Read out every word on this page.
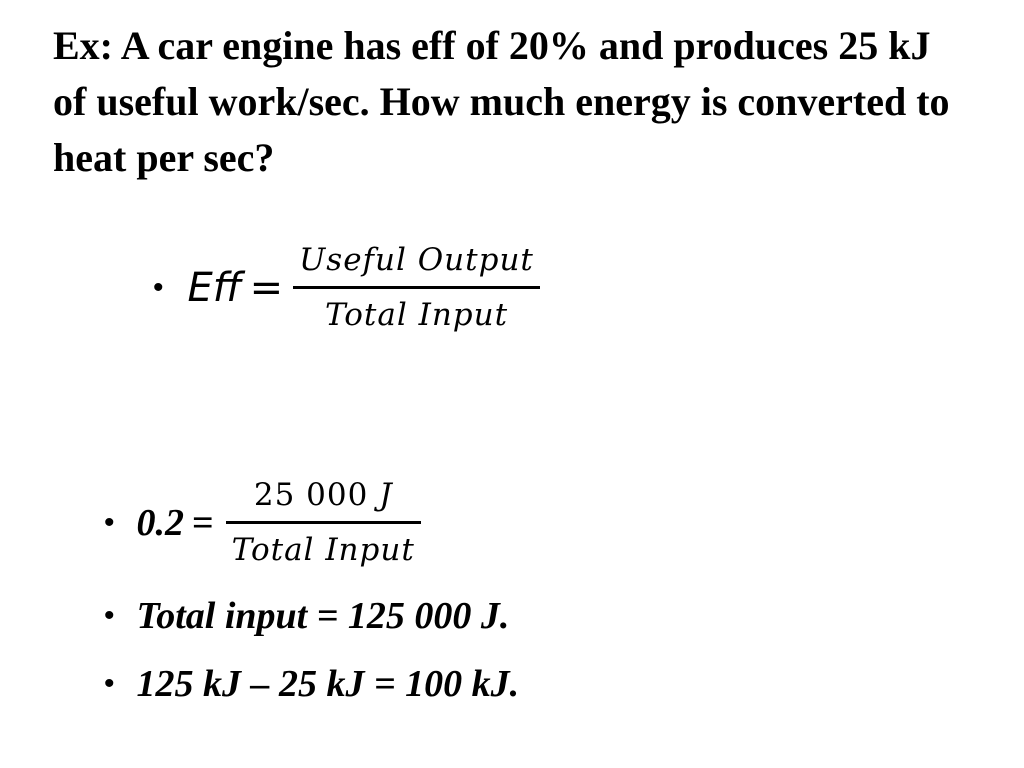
Ex: A car engine has eff of 20% and produces 25 kJ of useful work/sec. How much energy is converted to heat per sec?

• Eff = $\frac{\text{Useful Output}}{\text{Total Input}}$
• $0.2 = \frac{25 000 J}{\text{Total Input}}$
• Total input = 125 000 J.
• 125 kJ – 25 kJ = 100 kJ.
